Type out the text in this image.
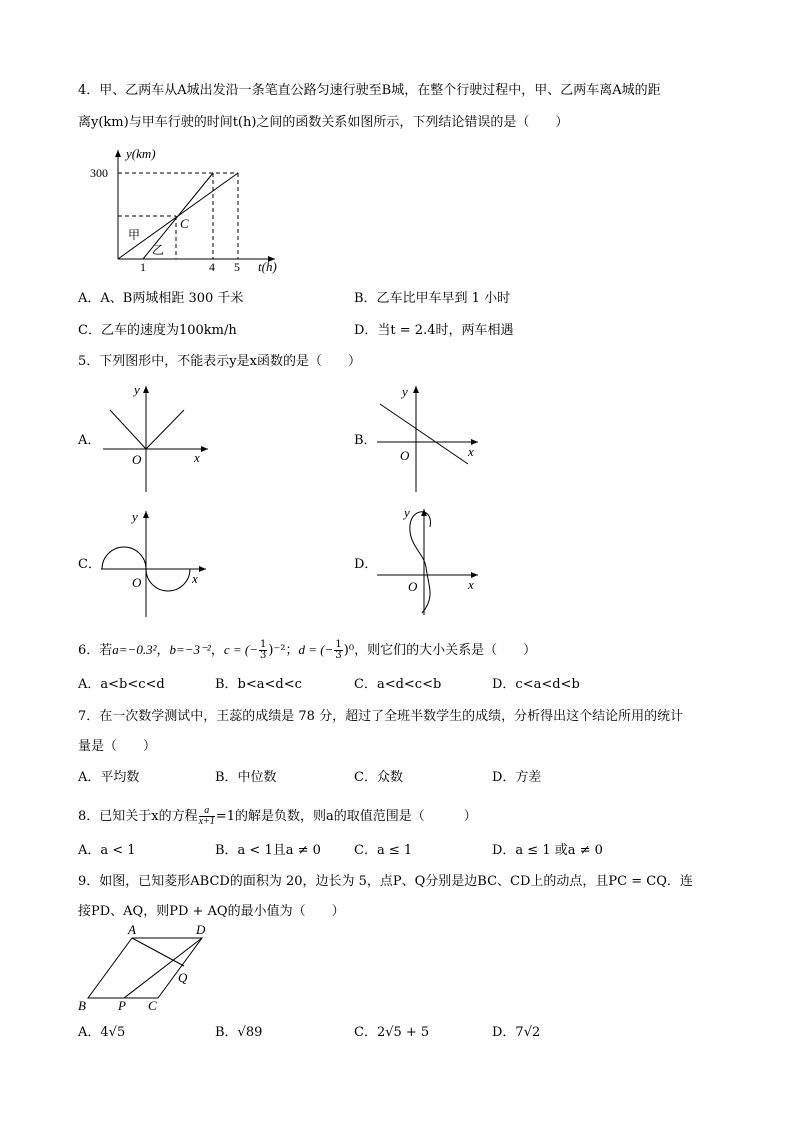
4．甲、乙两车从A城出发沿一条笔直公路匀速行驶至B城，在整个行驶过程中，甲、乙两车离A城的距
离y(km)与甲车行驶的时间t(h)之间的函数关系如图所示，下列结论错误的是（　　）
y(km)
300
C
甲
乙
1	4 5 t(h)
A．A、B两城相距 300 千米	B．乙车比甲车早到 1 小时
C．乙车的速度为100km/h	D．当t = 2.4时，两车相遇
5．下列图形中，不能表示y是x函数的是（　　）
A．
y
O	x
B．
y
O	x
C．
y
O	x
D．
y
O	x
6．若a=−0.3²，b=−3⁻²，c = (− $\frac{1}{3} )^{-2}$；d = (− $\frac{1}{3} )^0$，则它们的大小关系是（　　）
A．a<b<c<d	B．b<a<d<c	C．a<d<c<b	D．c<a<d<b
7．在一次数学测试中，王蕊的成绩是 78 分，超过了全班半数学生的成绩，分析得出这个结论所用的统计
量是（　　）
A．平均数	B．中位数	C．众数	D．方差
8．已知关于x的方程 $\frac{a}{x+1} =1$的解是负数，则a的取值范围是（　　　）
A．a < 1	B．a < 1且a ≠ 0	C．a ≤ 1	D．a ≤ 1 或a ≠ 0
9．如图，已知菱形ABCD的面积为 20，边长为 5，点P、Q分别是边BC、CD上的动点，且PC = CQ．连
接PD、AQ，则PD + AQ的最小值为（　　）
A	D
Q
B P C
A．4√5	B．√89	C．2√5 + 5	D．7√2
